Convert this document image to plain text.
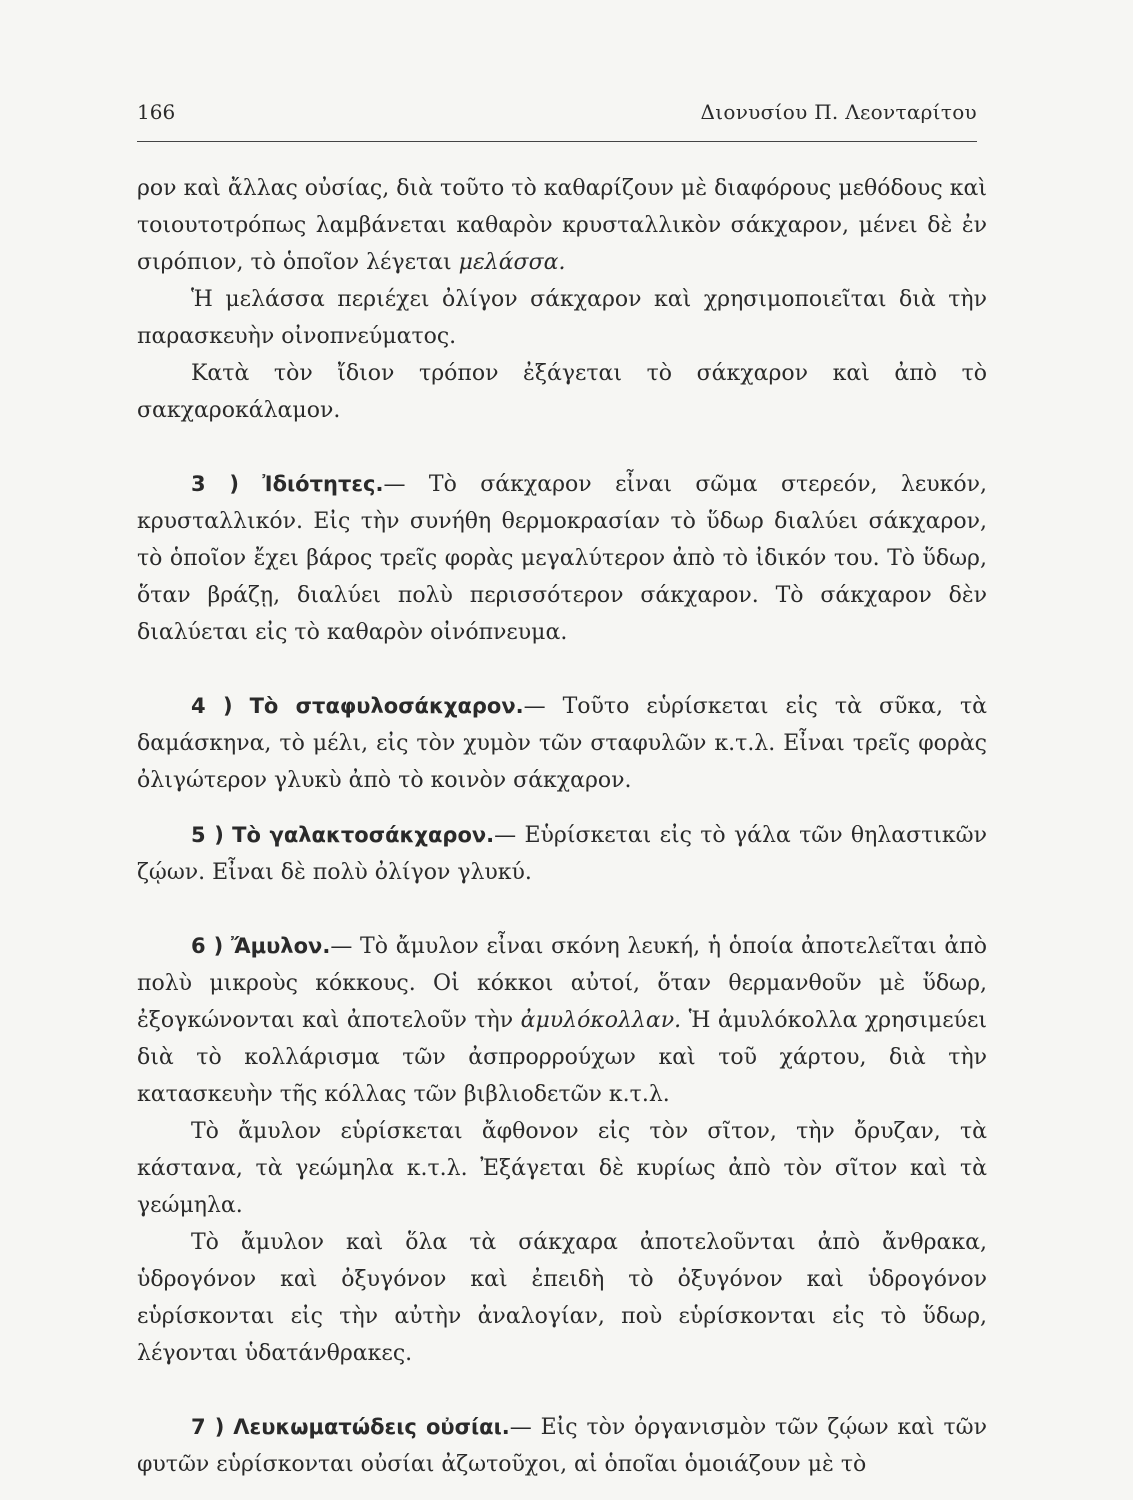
166	Διονυσίου Π. Λεονταρίτου

ρον καὶ ἄλλας οὐσίας, διὰ τοῦτο τὸ καθαρίζουν μὲ διαφόρους μεθόδους καὶ τοιουτοτρόπως λαμβάνεται καθαρὸν κρυσταλλικὸν σάκχαρον, μένει δὲ ἐν σιρόπιον, τὸ ὁποῖον λέγεται μελάσσα.

Ἡ μελάσσα περιέχει ὀλίγον σάκχαρον καὶ χρησιμοποιεῖται διὰ τὴν παρασκευὴν οἰνοπνεύματος.

Κατὰ τὸν ἴδιον τρόπον ἐξάγεται τὸ σάκχαρον καὶ ἀπὸ τὸ σακχαροκάλαμον.

3 ) Ἰδιότητες.— Τὸ σάκχαρον εἶναι σῶμα στερεόν, λευκόν, κρυσταλλικόν. Εἰς τὴν συνήθη θερμοκρασίαν τὸ ὕδωρ διαλύει σάκχαρον, τὸ ὁποῖον ἔχει βάρος τρεῖς φορὰς μεγαλύτερον ἀπὸ τὸ ἰδικόν του. Τὸ ὕδωρ, ὅταν βράζῃ, διαλύει πολὺ περισσότερον σάκχαρον. Τὸ σάκχαρον δὲν διαλύεται εἰς τὸ καθαρὸν οἰνόπνευμα.

4 ) Τὸ σταφυλοσάκχαρον.— Τοῦτο εὑρίσκεται εἰς τὰ σῦκα, τὰ δαμάσκηνα, τὸ μέλι, εἰς τὸν χυμὸν τῶν σταφυλῶν κ.τ.λ. Εἶναι τρεῖς φορὰς ὀλιγώτερον γλυκὺ ἀπὸ τὸ κοινὸν σάκχαρον.

5 ) Τὸ γαλακτοσάκχαρον.— Εὑρίσκεται εἰς τὸ γάλα τῶν θηλαστικῶν ζῴων. Εἶναι δὲ πολὺ ὀλίγον γλυκύ.

6 ) Ἄμυλον.— Τὸ ἄμυλον εἶναι σκόνη λευκή, ἡ ὁποία ἀποτελεῖται ἀπὸ πολὺ μικροὺς κόκκους. Οἱ κόκκοι αὐτοί, ὅταν θερμανθοῦν μὲ ὕδωρ, ἐξογκώνονται καὶ ἀποτελοῦν τὴν ἀμυλόκολλαν. Ἡ ἀμυλόκολλα χρησιμεύει διὰ τὸ κολλάρισμα τῶν ἀσπρορρούχων καὶ τοῦ χάρτου, διὰ τὴν κατασκευὴν τῆς κόλλας τῶν βιβλιοδετῶν κ.τ.λ.

Τὸ ἄμυλον εὑρίσκεται ἄφθονον εἰς τὸν σῖτον, τὴν ὄρυζαν, τὰ κάστανα, τὰ γεώμηλα κ.τ.λ. Ἐξάγεται δὲ κυρίως ἀπὸ τὸν σῖτον καὶ τὰ γεώμηλα.

Τὸ ἄμυλον καὶ ὅλα τὰ σάκχαρα ἀποτελοῦνται ἀπὸ ἄνθρακα, ὑδρογόνον καὶ ὀξυγόνον καὶ ἐπειδὴ τὸ ὀξυγόνον καὶ ὑδρογόνον εὑρίσκονται εἰς τὴν αὐτὴν ἀναλογίαν, ποὺ εὑρίσκονται εἰς τὸ ὕδωρ, λέγονται ὑδατάνθρακες.

7 ) Λευκωματώδεις οὐσίαι.— Εἰς τὸν ὀργανισμὸν τῶν ζῴων καὶ τῶν φυτῶν εὑρίσκονται οὐσίαι ἀζωτοῦχοι, αἱ ὁποῖαι ὁμοιάζουν μὲ τὸ
